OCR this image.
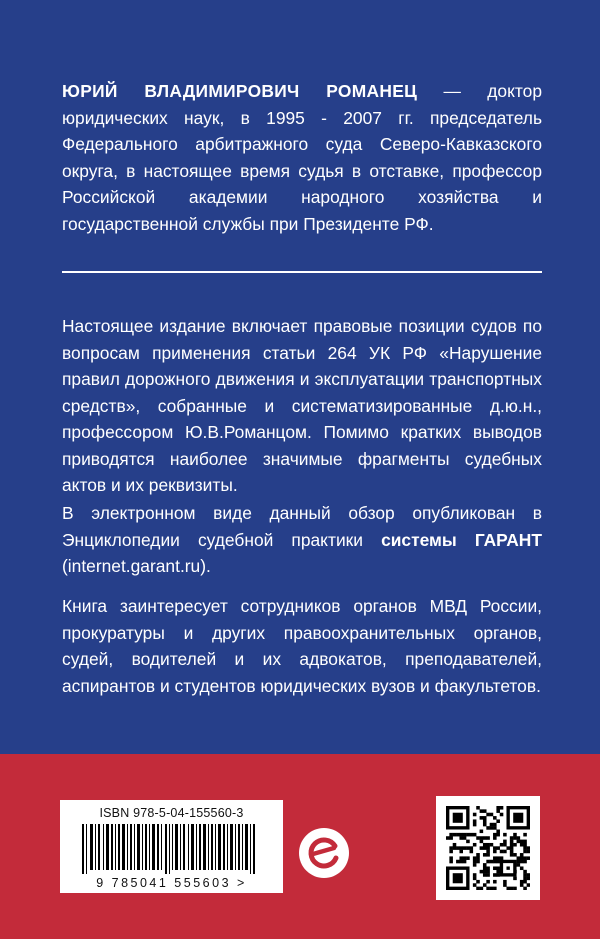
ЮРИЙ ВЛАДИМИРОВИЧ РОМАНЕЦ — доктор юридических наук, в 1995 - 2007 гг. председатель Федерального арбитражного суда Северо-Кавказского округа, в настоящее время судья в отставке, профессор Российской академии народного хозяйства и государственной службы при Президенте РФ.
Настоящее издание включает правовые позиции судов по вопросам применения статьи 264 УК РФ «Нарушение правил дорожного движения и эксплуатации транспортных средств», собранные и систематизированные д.ю.н., профессором Ю.В.Романцом. Помимо кратких выводов приводятся наиболее значимые фрагменты судебных актов и их реквизиты.
В электронном виде данный обзор опубликован в Энциклопедии судебной практики системы ГАРАНТ (internet.garant.ru).
Книга заинтересует сотрудников органов МВД России, прокуратуры и других правоохранительных органов, судей, водителей и их адвокатов, преподавателей, аспирантов и студентов юридических вузов и факультетов.
ISBN 978-5-04-155560-3
9 785041 555603 >
